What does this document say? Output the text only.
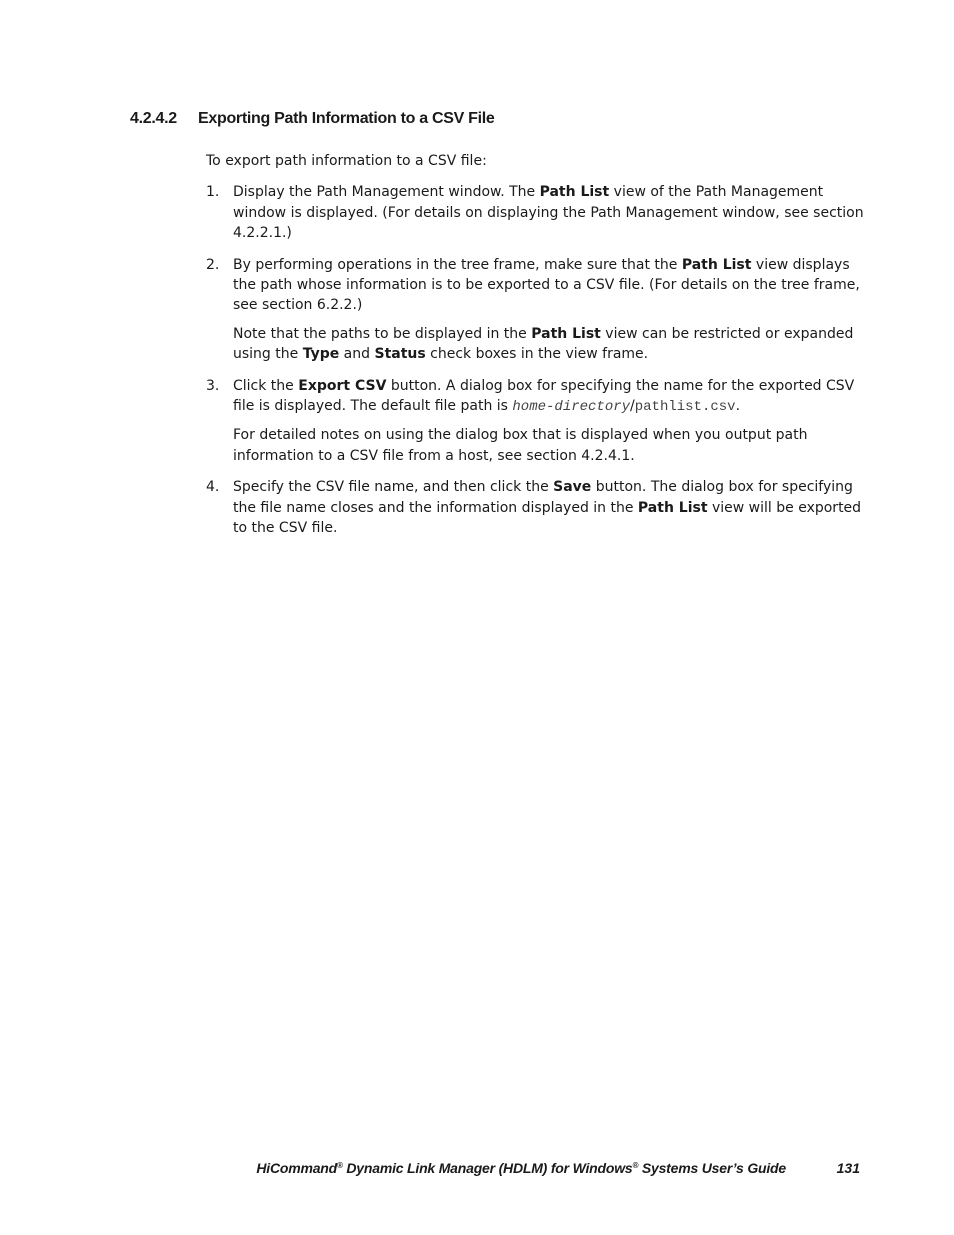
4.2.4.2 Exporting Path Information to a CSV File

To export path information to a CSV file:

1. Display the Path Management window. The Path List view of the Path Management window is displayed. (For details on displaying the Path Management window, see section 4.2.2.1.)

2. By performing operations in the tree frame, make sure that the Path List view displays the path whose information is to be exported to a CSV file. (For details on the tree frame, see section 6.2.2.)

Note that the paths to be displayed in the Path List view can be restricted or expanded using the Type and Status check boxes in the view frame.

3. Click the Export CSV button. A dialog box for specifying the name for the exported CSV file is displayed. The default file path is home-directory/pathlist.csv.

For detailed notes on using the dialog box that is displayed when you output path information to a CSV file from a host, see section 4.2.4.1.

4. Specify the CSV file name, and then click the Save button. The dialog box for specifying the file name closes and the information displayed in the Path List view will be exported to the CSV file.

HiCommand® Dynamic Link Manager (HDLM) for Windows® Systems User’s Guide	131
